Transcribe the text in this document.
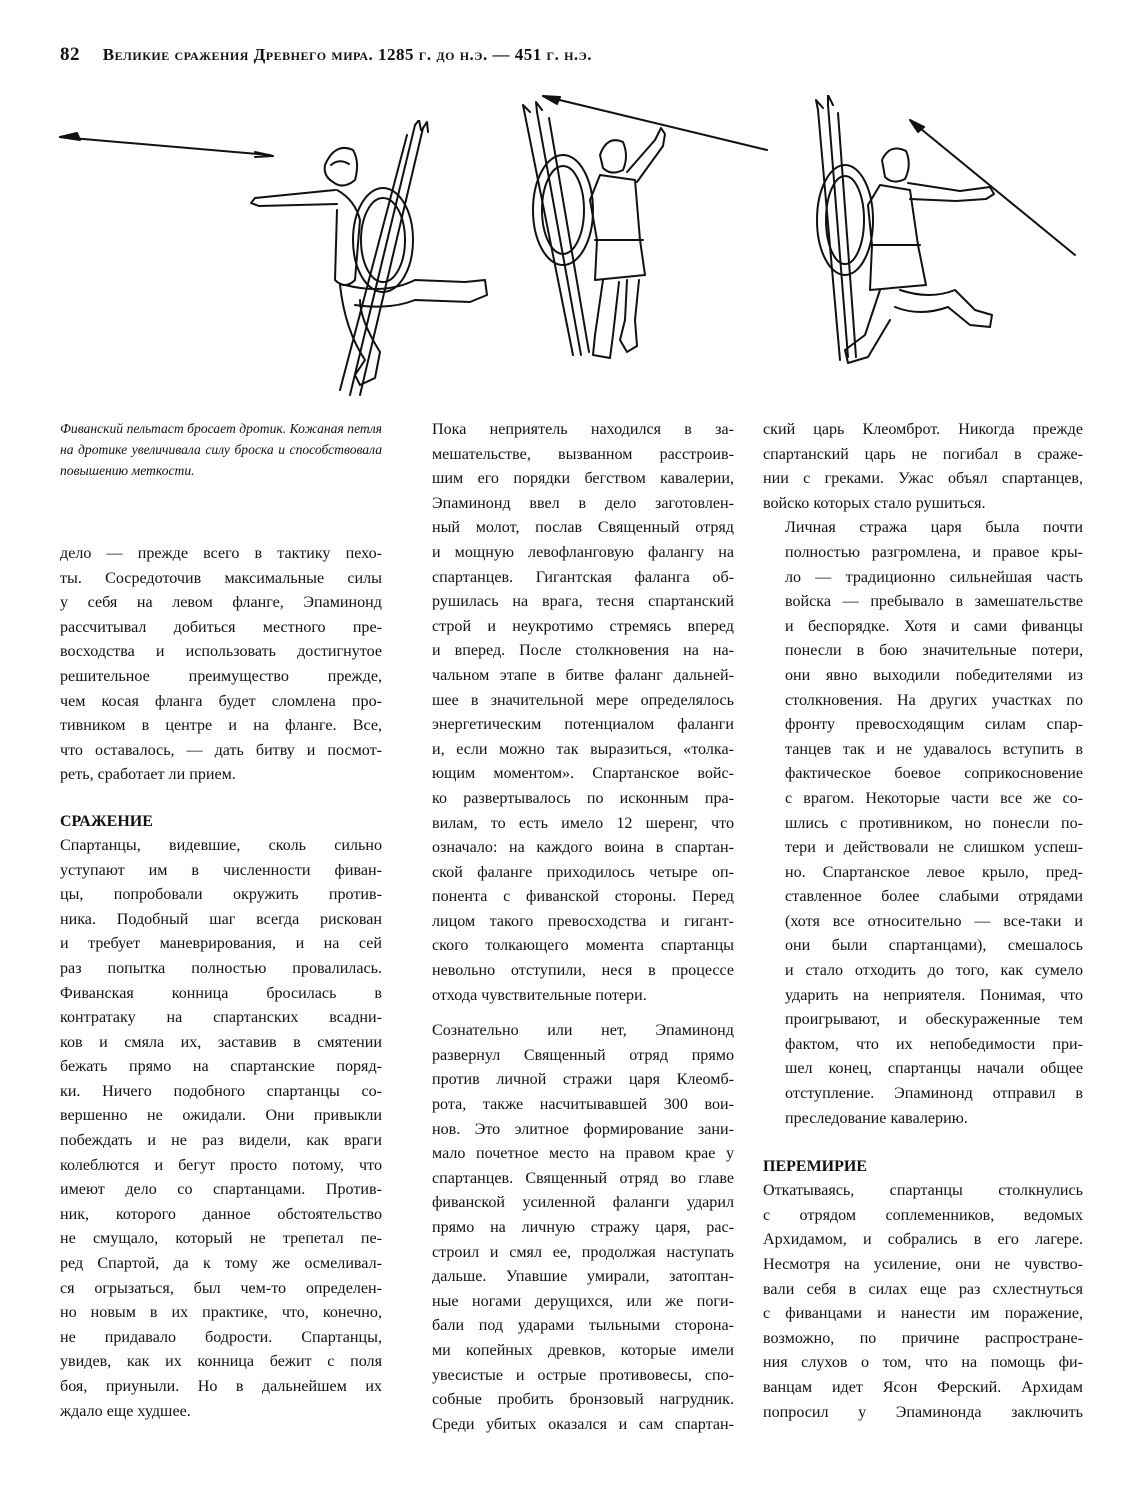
82 Великие сражения Древнего мира. 1285 г. до н.э. — 451 г. н.э.
Фиванский пельтаст бросает дротик. Кожаная петля на дротике увеличивала силу броска и способствовала повышению меткости.

дело — прежде всего в тактику пехо-
ты. Сосредоточив максимальные силы
у себя на левом фланге, Эпаминонд
рассчитывал добиться местного пре-
восходства и использовать достигнутое
решительное преимущество прежде,
чем косая фланга будет сломлена про-
тивником в центре и на фланге. Все,
что оставалось, — дать битву и посмот-
реть, сработает ли прием.

СРАЖЕНИЕ

Спартанцы, видевшие, сколь сильно
уступают им в численности фиван-
цы, попробовали окружить против-
ника. Подобный шаг всегда рискован
и требует маневрирования, и на сей
раз попытка полностью провалилась.
Фиванская конница бросилась в
контратаку на спартанских всадни-
ков и смяла их, заставив в смятении
бежать прямо на спартанские поряд-
ки. Ничего подобного спартанцы со-
вершенно не ожидали. Они привыкли
побеждать и не раз видели, как враги
колеблются и бегут просто потому, что
имеют дело со спартанцами. Против-
ник, которого данное обстоятельство
не смущало, который не трепетал пе-
ред Спартой, да к тому же осмеливал-
ся огрызаться, был чем-то определен-
но новым в их практике, что, конечно,
не придавало бодрости. Спартанцы,
увидев, как их конница бежит с поля
боя, приуныли. Но в дальнейшем их
ждало еще худшее.

Пока неприятель находился в за-
мешательстве, вызванном расстроив-
шим его порядки бегством кавалерии,
Эпаминонд ввел в дело заготовлен-
ный молот, послав Священный отряд
и мощную левофланговую фалангу на
спартанцев. Гигантская фаланга об-
рушилась на врага, тесня спартанский
строй и неукротимо стремясь вперед
и вперед. После столкновения на на-
чальном этапе в битве фаланг дальней-
шее в значительной мере определялось
энергетическим потенциалом фаланги
и, если можно так выразиться, «толка-
ющим моментом». Спартанское войс-
ко развертывалось по исконным пра-
вилам, то есть имело 12 шеренг, что
означало: на каждого воина в спартан-
ской фаланге приходилось четыре оп-
понента с фиванской стороны. Перед
лицом такого превосходства и гигант-
ского толкающего момента спартанцы
невольно отступили, неся в процессе
отхода чувствительные потери.

Сознательно или нет, Эпаминонд
развернул Священный отряд прямо
против личной стражи царя Клеомб-
рота, также насчитывавшей 300 вои-
нов. Это элитное формирование зани-
мало почетное место на правом крае у
спартанцев. Священный отряд во главе
фиванской усиленной фаланги ударил
прямо на личную стражу царя, рас-
строил и смял ее, продолжая наступать
дальше. Упавшие умирали, затоптан-
ные ногами дерущихся, или же поги-
бали под ударами тыльными сторона-
ми копейных древков, которые имели
увесистые и острые противовесы, спо-
собные пробить бронзовый нагрудник.
Среди убитых оказался и сам спартан-

ский царь Клеомброт. Никогда прежде
спартанский царь не погибал в сраже-
нии с греками. Ужас объял спартанцев,
войско которых стало рушиться.

Личная стража царя была почти
полностью разгромлена, и правое кры-
ло — традиционно сильнейшая часть
войска — пребывало в замешательстве
и беспорядке. Хотя и сами фиванцы
понесли в бою значительные потери,
они явно выходили победителями из
столкновения. На других участках по
фронту превосходящим силам спар-
танцев так и не удавалось вступить в
фактическое боевое соприкосновение
с врагом. Некоторые части все же со-
шлись с противником, но понесли по-
тери и действовали не слишком успеш-
но. Спартанское левое крыло, пред-
ставленное более слабыми отрядами
(хотя все относительно — все-таки и
они были спартанцами), смешалось
и стало отходить до того, как сумело
ударить на неприятеля. Понимая, что
проигрывают, и обескураженные тем
фактом, что их непобедимости при-
шел конец, спартанцы начали общее
отступление. Эпаминонд отправил в
преследование кавалерию.

ПЕРЕМИРИЕ

Откатываясь, спартанцы столкнулись
с отрядом соплеменников, ведомых
Архидамом, и собрались в его лагере.
Несмотря на усиление, они не чувство-
вали себя в силах еще раз схлестнуться
с фиванцами и нанести им поражение,
возможно, по причине распростране-
ния слухов о том, что на помощь фи-
ванцам идет Ясон Ферский. Архидам
попросил у Эпаминонда заключить
